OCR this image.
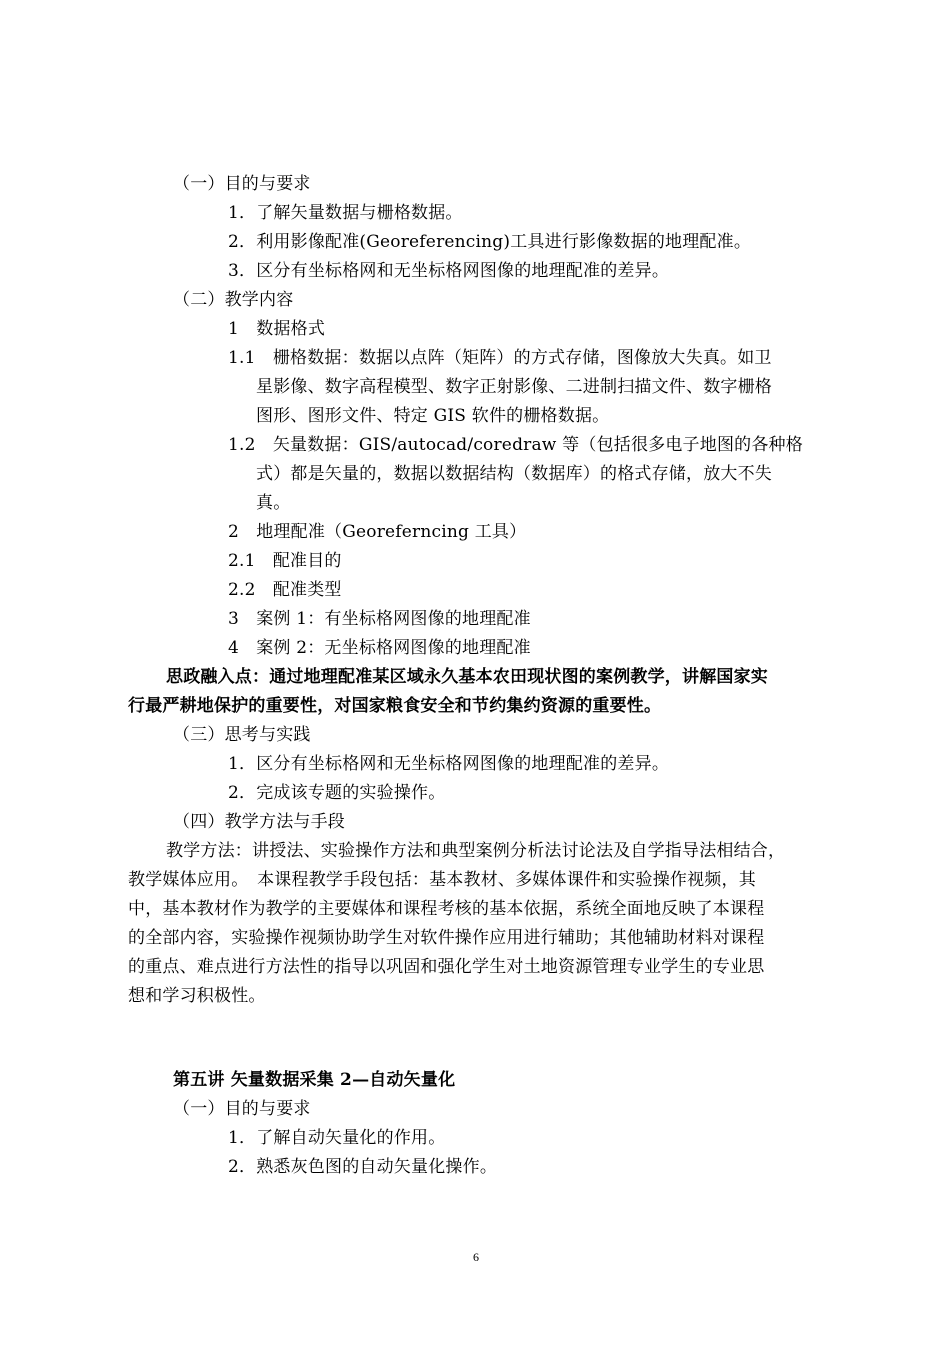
（一）目的与要求
1．了解矢量数据与栅格数据。
2．利用影像配准(Georeferencing)工具进行影像数据的地理配准。
3．区分有坐标格网和无坐标格网图像的地理配准的差异。
（二）教学内容
1　数据格式
1.1　栅格数据：数据以点阵（矩阵）的方式存储，图像放大失真。如卫
星影像、数字高程模型、数字正射影像、二进制扫描文件、数字栅格
图形、图形文件、特定 GIS 软件的栅格数据。
1.2　矢量数据：GIS/autocad/coredraw 等（包括很多电子地图的各种格
式）都是矢量的，数据以数据结构（数据库）的格式存储，放大不失
真。
2　地理配准（Georeferncing 工具）
2.1　配准目的
2.2　配准类型
3　案例 1：有坐标格网图像的地理配准
4　案例 2：无坐标格网图像的地理配准
思政融入点：通过地理配准某区域永久基本农田现状图的案例教学，讲解国家实
行最严耕地保护的重要性，对国家粮食安全和节约集约资源的重要性。
（三）思考与实践
1．区分有坐标格网和无坐标格网图像的地理配准的差异。
2．完成该专题的实验操作。
（四）教学方法与手段
教学方法：讲授法、实验操作方法和典型案例分析法讨论法及自学指导法相结合，
教学媒体应用。　本课程教学手段包括：基本教材、多媒体课件和实验操作视频，其
中，基本教材作为教学的主要媒体和课程考核的基本依据，系统全面地反映了本课程
的全部内容，实验操作视频协助学生对软件操作应用进行辅助；其他辅助材料对课程
的重点、难点进行方法性的指导以巩固和强化学生对土地资源管理专业学生的专业思
想和学习积极性。
第五讲 矢量数据采集 2—自动矢量化
（一）目的与要求
1．了解自动矢量化的作用。
2．熟悉灰色图的自动矢量化操作。
6
